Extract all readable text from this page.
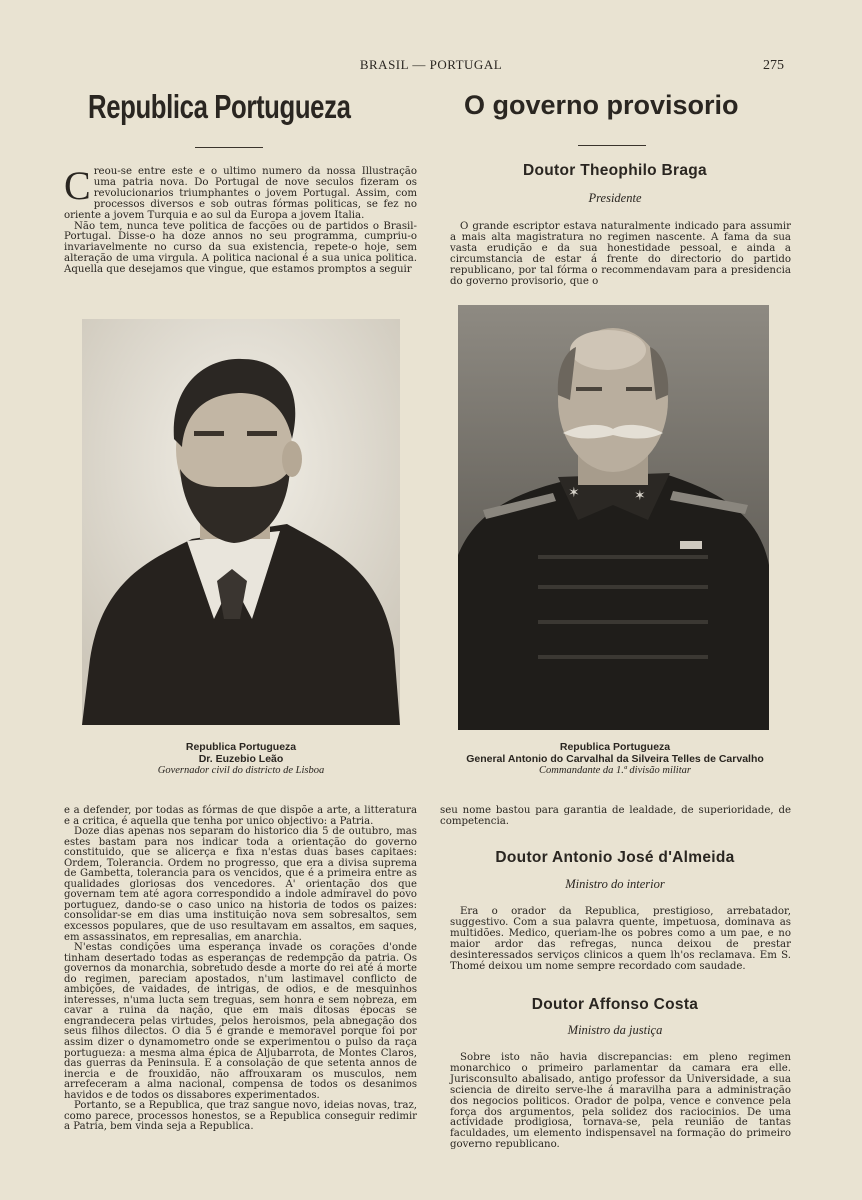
BRASIL — PORTUGAL	275
Republica Portugueza

Creou-se entre este e o ultimo numero da nossa Illustração uma patria nova. Do Portugal de nove seculos fizeram os revolucionarios triumphantes o jovem Portugal. Assim, com processos diversos e sob outras fórmas politicas, se fez no oriente a jovem Turquia e ao sul da Europa a jovem Italia.

Não tem, nunca teve politica de facções ou de partidos o Brasil-Portugal. Disse-o ha doze annos no seu programma, cumpriu-o invariavelmente no curso da sua existencia, repete-o hoje, sem alteração de uma virgula. A politica nacional é a sua unica politica. Aquella que desejamos que vingue, que estamos promptos a seguir

Republica Portugueza
Dr. Euzebio Leão
Governador civil do districto de Lisboa

e a defender, por todas as fórmas de que dispõe a arte, a litteratura e a critica, é aquella que tenha por unico objectivo: a Patria.

Doze dias apenas nos separam do historico dia 5 de outubro, mas estes bastam para nos indicar toda a orientação do governo constituido, que se alicerça e fixa n'estas duas bases capitaes: Ordem, Tolerancia. Ordem no progresso, que era a divisa suprema de Gambetta, tolerancia para os vencidos, que é a primeira entre as qualidades gloriosas dos vencedores. A' orientação dos que governam tem até agora correspondido a indole admiravel do povo portuguez, dando-se o caso unico na historia de todos os paizes: consolidar-se em dias uma instituição nova sem sobresaltos, sem excessos populares, que de uso resultavam em assaltos, em saques, em assassinatos, em represalias, em anarchia.

N'estas condições uma esperança invade os corações d'onde tinham desertado todas as esperanças de redempção da patria. Os governos da monarchia, sobretudo desde a morte do rei até á morte do regimen, pareciam apostados, n'um lastimavel conflicto de ambições, de vaidades, de intrigas, de odios, e de mesquinhos interesses, n'uma lucta sem treguas, sem honra e sem nobreza, em cavar a ruina da nação, que em mais ditosas épocas se engrandecera pelas virtudes, pelos heroismos, pela abnegação dos seus filhos dilectos. O dia 5 é grande e memoravel porque foi por assim dizer o dynamometro onde se experimentou o pulso da raça portugueza: a mesma alma épica de Aljubarrota, de Montes Claros, das guerras da Peninsula. E a consolação de que setenta annos de inercia e de frouxidão, não affrouxaram os musculos, nem arrefeceram a alma nacional, compensa de todos os desanimos havidos e de todos os dissabores experimentados.

Portanto, se a Republica, que traz sangue novo, ideias novas, traz, como parece, processos honestos, se a Republica conseguir redimir a Patria, bem vinda seja a Republica.

O governo provisorio
Doutor Theophilo Braga
Presidente

O grande escriptor estava naturalmente indicado para assumir a mais alta magistratura no regimen nascente. A fama da sua vasta erudição e da sua honestidade pessoal, e ainda a circumstancia de estar á frente do directorio do partido republicano, por tal fórma o recommendavam para a presidencia do governo provisorio, que o

✶	✶
Republica Portugueza
General Antonio do Carvalhal da Silveira Telles de Carvalho
Commandante da 1.ª divisão militar

seu nome bastou para garantia de lealdade, de superioridade, de competencia.

Doutor Antonio José d'Almeida
Ministro do interior

Era o orador da Republica, prestigioso, arrebatador, suggestivo. Com a sua palavra quente, impetuosa, dominava as multidões. Medico, queriam-lhe os pobres como a um pae, e no maior ardor das refregas, nunca deixou de prestar desinteressados serviços clinicos a quem lh'os reclamava. Em S. Thomé deixou um nome sempre recordado com saudade.

Doutor Affonso Costa
Ministro da justiça

Sobre isto não havia discrepancias: em pleno regimen monarchico o primeiro parlamentar da camara era elle. Jurisconsulto abalisado, antigo professor da Universidade, a sua sciencia de direito serve-lhe á maravilha para a administração dos negocios politicos. Orador de polpa, vence e convence pela força dos argumentos, pela solidez dos raciocinios. De uma actividade prodigiosa, tornava-se, pela reunião de tantas faculdades, um elemento indispensavel na formação do primeiro governo republicano.
